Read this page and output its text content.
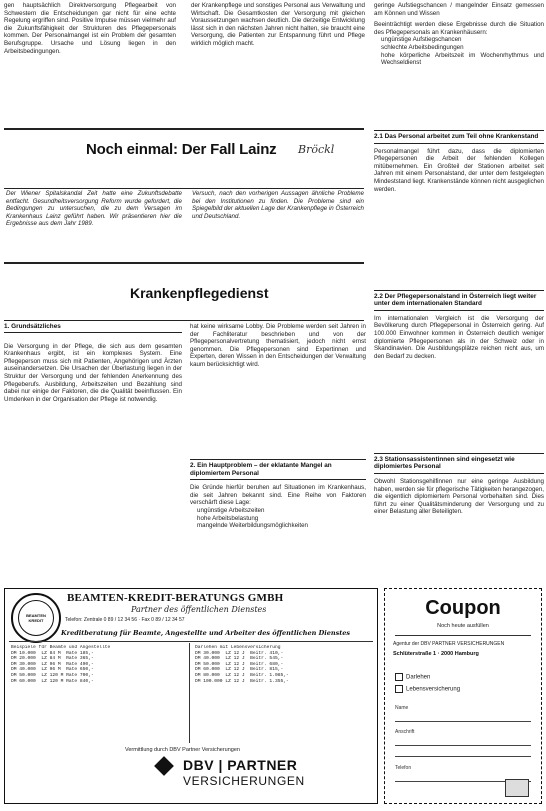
gen hauptsächlich Direktversorgung Pflegearbeit von Schwestern die Entscheidungen gar nicht für eine echte Regelung ergriffen sind. Positive Impulse müssen vielmehr auf die Zukunftsfähigkeit der Strukturen des Pflegepersonals kommen. Der Personalmangel ist ein Problem der gesamten Berufsgruppe. Ursache und Lösung liegen in den Arbeitsbedingungen.
der Krankenpflege und sonstiges Personal aus Verwaltung und Wirtschaft. Die Gesamtkosten der Versorgung mit gleichen Voraussetzungen wachsen deutlich. Die derzeitige Entwicklung lässt sich in den nächsten Jahren nicht halten, sie braucht eine Versorgung, die Patienten zur Entspannung führt und Pflege wirklich möglich macht.
geringe Aufstiegschancen / mangelnder Einsatz gemessen am Können und Wissen
Beeinträchtigt werden diese Ergebnisse durch die Situation des Pflegepersonals an Krankenhäusern:
• ungünstige Aufstiegschancen
• schlechte Arbeitsbedingungen
• hohe körperliche Arbeitszeit im Wochenrhythmus und Wechseldienst
Noch einmal: Der Fall Lainz Bröckl
Der Wiener Spitalskandal Zeit hatte eine Zukunftsdebatte entfacht. Gesundheitsversorgung Reform wurde gefordert, die Bedingungen zu untersuchen, die zu dem Versagen im Krankenhaus Lainz geführt haben. Wir präsentieren hier die Ergebnisse aus dem Jahr 1989.
Versuch, nach den vorherigen Aussagen ähnliche Probleme bei den Institutionen zu finden. Die Probleme sind ein Spiegelbild der aktuellen Lage der Krankenpflege in Österreich und Deutschland.
Krankenpflegedienst
1. Grundsätzliches
Die Versorgung in der Pflege, die sich aus dem gesamten Krankenhaus ergibt, ist ein komplexes System. Eine Pflegeperson muss sich mit Patienten, Angehörigen und Ärzten auseinandersetzen. Die Ursachen der Überlastung liegen in der Struktur der Versorgung und der fehlenden Anerkennung des Pflegeberufs. Ausbildung, Arbeitszeiten und Bezahlung sind dabei nur einige der Faktoren, die die Qualität beeinflussen. Ein Umdenken in der Organisation der Pflege ist notwendig.
hat keine wirksame Lobby. Die Probleme werden seit Jahren in der Fachliteratur beschrieben und von der Pflegepersonalvertretung thematisiert, jedoch nicht ernst genommen. Die Pflegepersonen sind Expertinnen und Experten, deren Wissen in den Entscheidungen der Verwaltung kaum berücksichtigt wird.
2. Ein Hauptproblem – der eklatante Mangel an diplomiertem Personal
Die Gründe hierfür beruhen auf Situationen im Krankenhaus, die seit Jahren bekannt sind. Eine Reihe von Faktoren verschärft diese Lage:
• ungünstige Arbeitszeiten
• hohe Arbeitsbelastung
• mangelnde Weiterbildungsmöglichkeiten
2.1 Das Personal arbeitet zum Teil ohne Krankenstand
Personalmangel führt dazu, dass die diplomierten Pflegepersonen die Arbeit der fehlenden Kollegen mitübernehmen. Ein Großteil der Stationen arbeitet seit Jahren mit einem Personalstand, der unter dem festgelegten Mindeststand liegt. Krankenstände können nicht ausgeglichen werden.
2.2 Der Pflegepersonalstand in Österreich liegt weiter unter dem internationalen Standard
Im internationalen Vergleich ist die Versorgung der Bevölkerung durch Pflegepersonal in Österreich gering. Auf 100.000 Einwohner kommen in Österreich deutlich weniger diplomierte Pflegepersonen als in der Schweiz oder in Skandinavien. Die Ausbildungsplätze reichen nicht aus, um den Bedarf zu decken.
2.3 Stationsassistentinnen sind eingesetzt wie diplomiertes Personal
Obwohl Stationsgehilfinnen nur eine geringe Ausbildung haben, werden sie für pflegerische Tätigkeiten herangezogen, die eigentlich diplomiertem Personal vorbehalten sind. Dies führt zu einer Qualitätsminderung der Versorgung und zu einer Belastung aller Beteiligten.
BEAMTEN KREDIT
BEAMTEN-KREDIT-BERATUNGS GMBH
Partner des öffentlichen Dienstes
Telefon: Zentrale 0 89 / 12 34 56 · Fax 0 89 / 12 34 57
Kreditberatung für Beamte, Angestellte und Arbeiter des öffentlichen Dienstes
Beispiele für Beamte und Angestellte
DM 10.000  LZ 84 M  Rate 185,-
DM 20.000  LZ 84 M  Rate 365,-
DM 30.000  LZ 96 M  Rate 490,-
DM 40.000  LZ 96 M  Rate 650,-
DM 50.000  LZ 120 M Rate 700,-
DM 60.000  LZ 120 M Rate 840,-
Darlehen mit Lebensversicherung
DM 30.000  LZ 12 J  Beitr. 410,-
DM 40.000  LZ 12 J  Beitr. 545,-
DM 50.000  LZ 12 J  Beitr. 680,-
DM 60.000  LZ 12 J  Beitr. 815,-
DM 80.000  LZ 12 J  Beitr. 1.085,-
DM 100.000 LZ 12 J  Beitr. 1.355,-
Vermittlung durch DBV Partner Versicherungen
DBV | PARTNER
VERSICHERUNGEN
Coupon
Noch heute ausfüllen
Agentur der DBV PARTNER VERSICHERUNGEN
Schlüterstraße 1 · 2000 Hamburg
Darlehen
Lebensversicherung
Name
Anschrift
Telefon
